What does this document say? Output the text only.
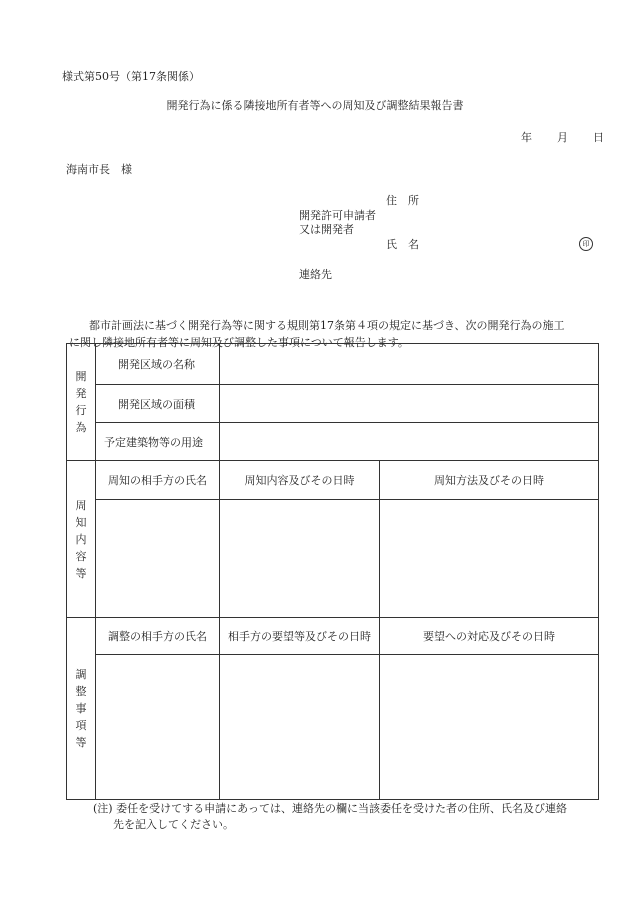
様式第50号（第17条関係）
開発行為に係る隣接地所有者等への周知及び調整結果報告書
年 月 日
海南市長　様
住　所
開発許可申請者
又は開発者
氏　名	印
連絡先

都市計画法に基づく開発行為等に関する規則第17条第４項の規定に基づき、次の開発行為の施工

に関し隣接地所有者等に周知及び調整した事項について報告します。

開
発
行
為	開発区域の名称		
	開発区域の面積		
	予定建築物等の用途		

周
知
内
容
等	周知の相手方の氏名	周知内容及びその日時	周知方法及びその日時

調
整
事
項
等	調整の相手方の氏名	相手方の要望等及びその日時	要望への対応及びその日時

(注) 委任を受けてする申請にあっては、連絡先の欄に当該委任を受けた者の住所、氏名及び連絡
先を記入してください。
